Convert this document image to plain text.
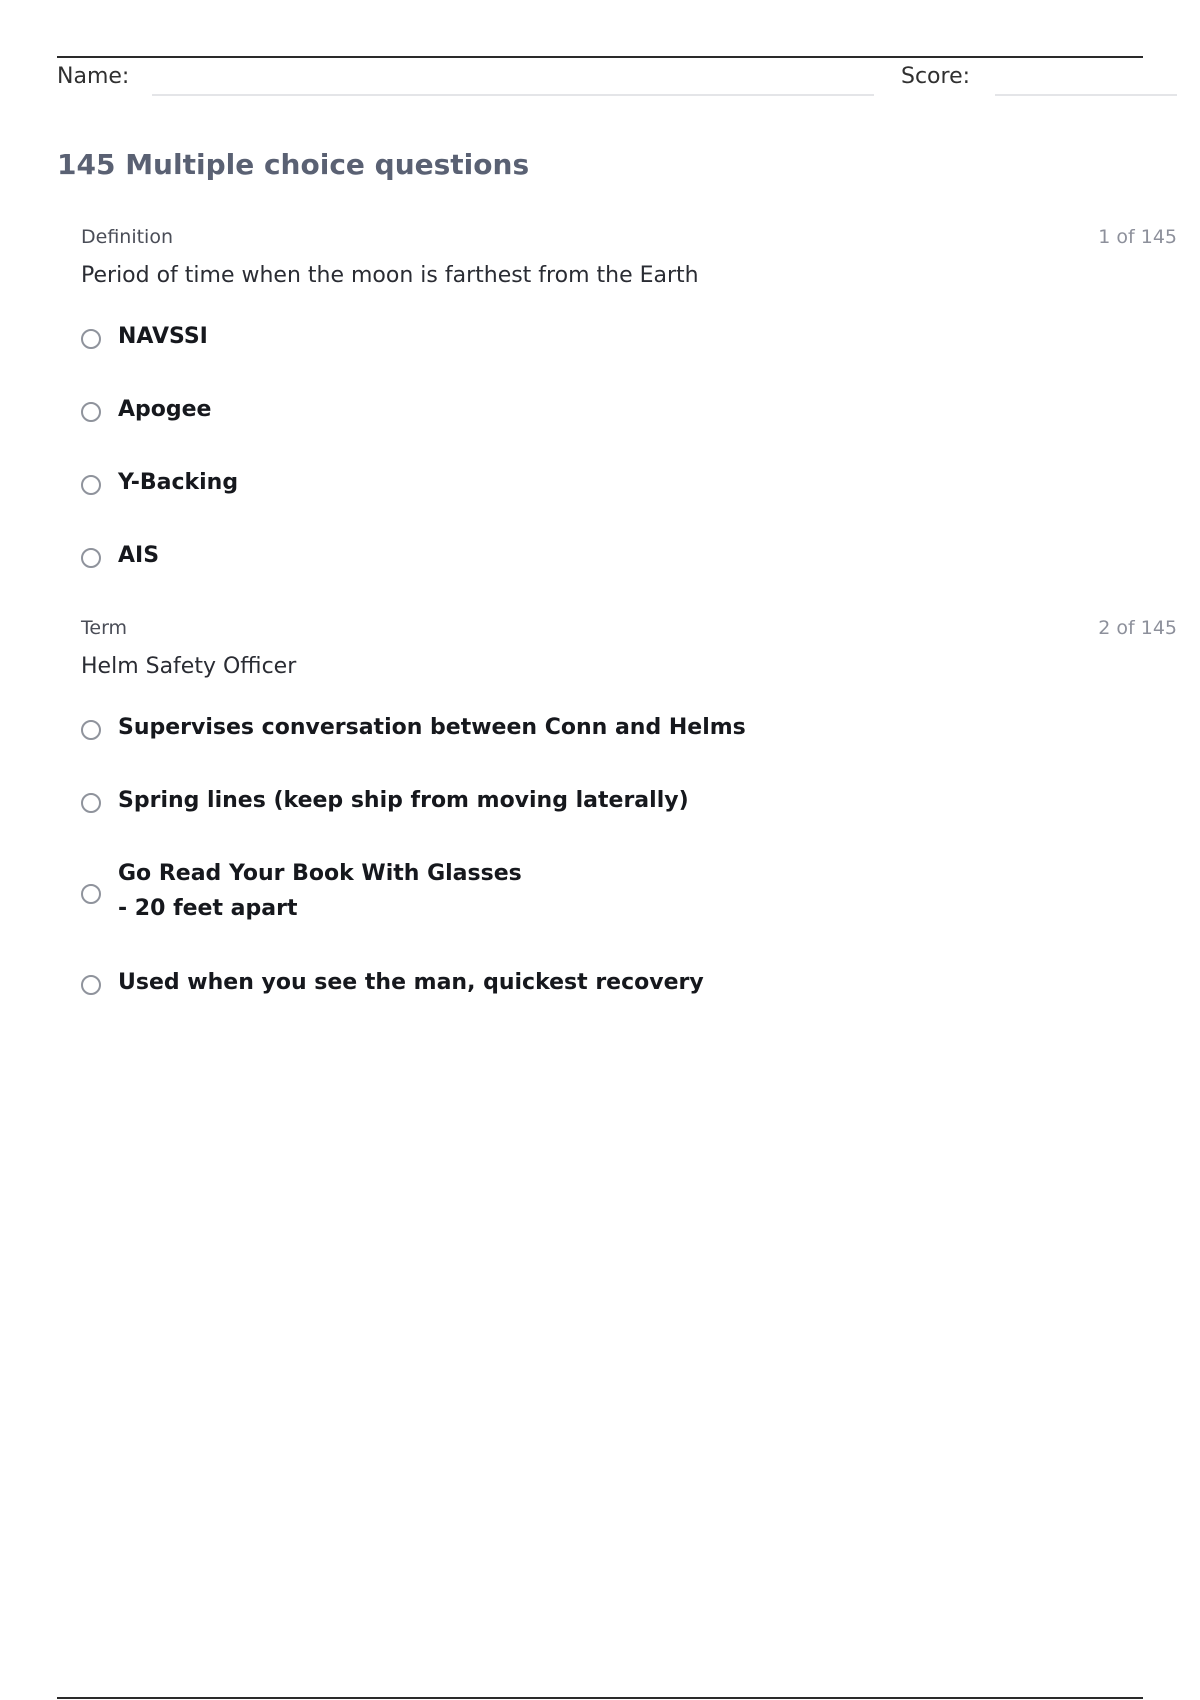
Name:	Score:
145 Multiple choice questions
Definition	1 of 145
Period of time when the moon is farthest from the Earth
NAVSSI
Apogee
Y-Backing
AIS
Term	2 of 145
Helm Safety Officer
Supervises conversation between Conn and Helms
Spring lines (keep ship from moving laterally)
Go Read Your Book With Glasses
- 20 feet apart
Used when you see the man, quickest recovery
